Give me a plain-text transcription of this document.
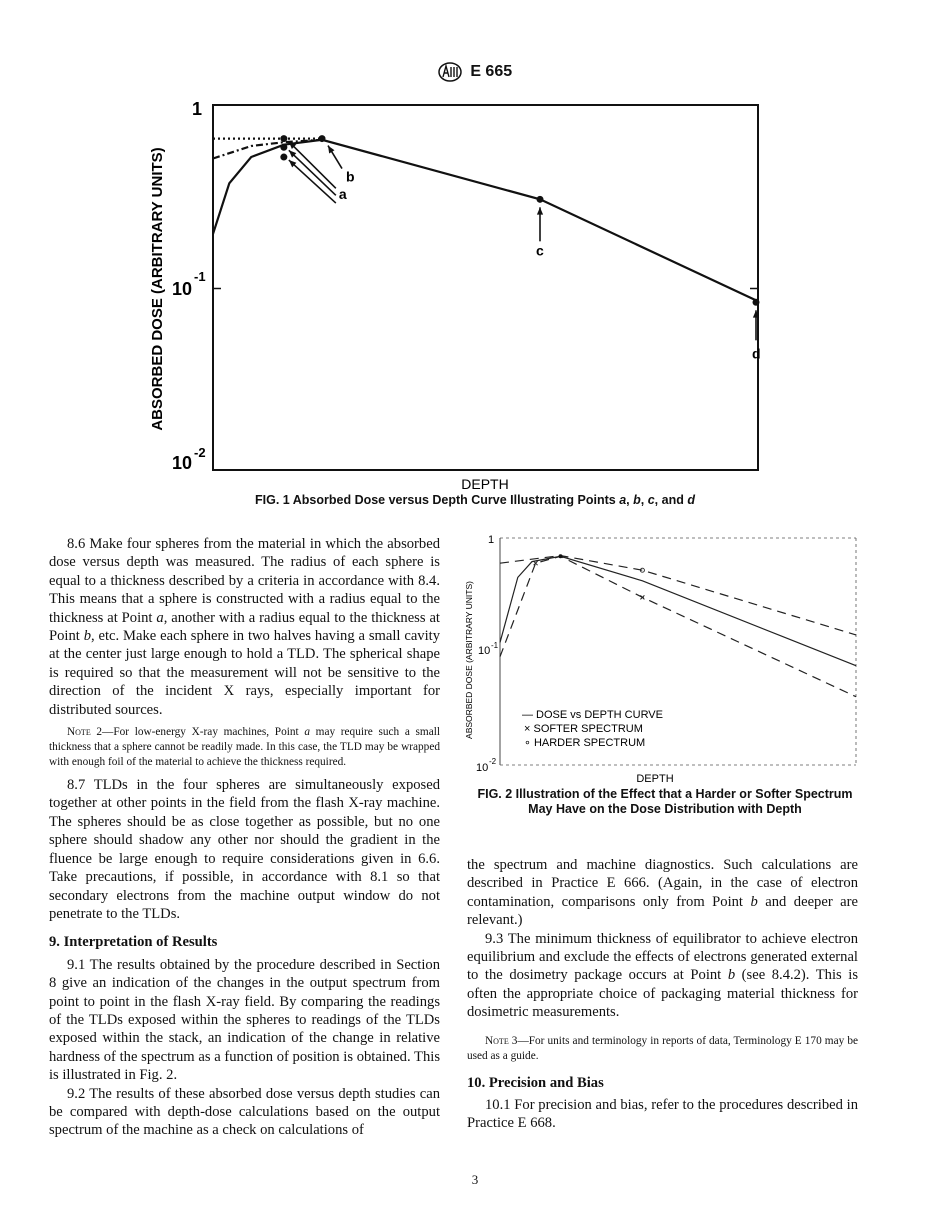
E 665
1
10
-1
10
-2
ABSORBED DOSE (ARBITRARY UNITS)
DEPTH
a
b
c
d
FIG. 1 Absorbed Dose versus Depth Curve Illustrating Points a, b, c, and d

8.6 Make four spheres from the material in which the absorbed dose versus depth was measured. The radius of each sphere is equal to a thickness described by a criteria in accordance with 8.4. This means that a sphere is constructed with a radius equal to the thickness at Point a, another with a radius equal to the thickness at Point b, etc. Make each sphere in two halves having a small cavity at the center just large enough to hold a TLD. The spherical shape is required so that the measurement will not be sensitive to the direction of the incident X rays, especially important for distributed sources.

Note 2—For low-energy X-ray machines, Point a may require such a small thickness that a sphere cannot be readily made. In this case, the TLD may be wrapped with enough foil of the material to achieve the thickness required.

8.7 TLDs in the four spheres are simultaneously exposed together at other points in the field from the flash X-ray machine. The spheres should be as close together as possible, but no one sphere should shadow any other nor should the gradient in the fluence be large enough to require considerations given in 6.6. Take precautions, if possible, in accordance with 8.1 so that secondary electrons from the machine output window do not penetrate to the TLDs.

9. Interpretation of Results

9.1 The results obtained by the procedure described in Section 8 give an indication of the changes in the output spectrum from point to point in the flash X-ray field. By comparing the readings of the TLDs exposed within the spheres to readings of the TLDs exposed within the stack, an indication of the change in relative hardness of the spectrum as a function of position is obtained. This is illustrated in Fig. 2.

9.2 The results of these absorbed dose versus depth studies can be compared with depth-dose calculations based on the output spectrum of the machine as a check on calculations of

1
10 -1
10
-2
ABSORBED DOSE (ARBITRARY UNITS)
DEPTH
— DOSE vs DEPTH CURVE
× SOFTER SPECTRUM
∘ HARDER SPECTRUM
FIG. 2 Illustration of the Effect that a Harder or Softer Spectrum
May Have on the Dose Distribution with Depth

the spectrum and machine diagnostics. Such calculations are described in Practice E 666. (Again, in the case of electron contamination, comparisons only from Point b and deeper are relevant.)

9.3 The minimum thickness of equilibrator to achieve electron equilibrium and exclude the effects of electrons generated external to the dosimetry package occurs at Point b (see 8.4.2). This is often the appropriate choice of packaging material thickness for dosimetric measurements.

Note 3—For units and terminology in reports of data, Terminology E 170 may be used as a guide.

10. Precision and Bias

10.1 For precision and bias, refer to the procedures described in Practice E 668.

3
